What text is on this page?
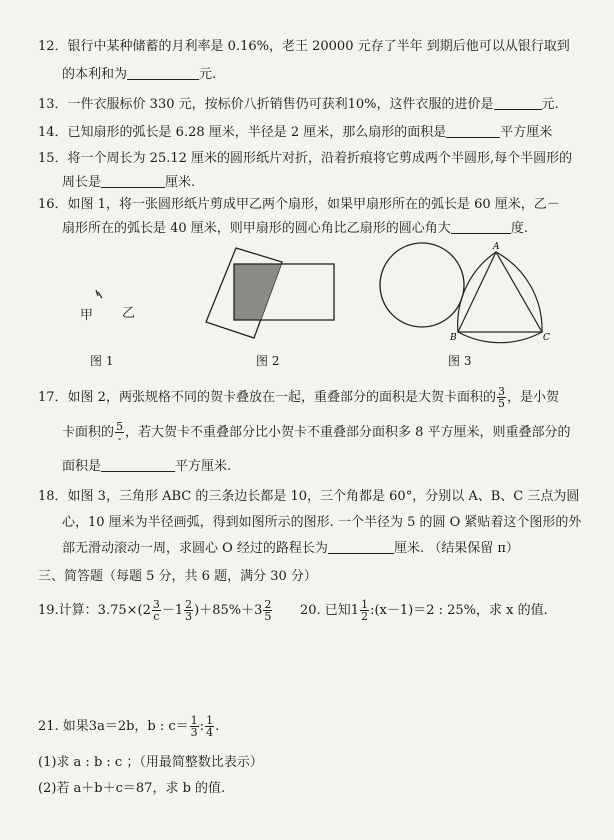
12．银行中某种储蓄的月利率是 0.16%，老王 20000 元存了半年 到期后他可以从银行取到
的本利和为	元.
13．一件衣服标价 330 元，按标价八折销售仍可获利10%，这件衣服的进价是	元.
14．已知扇形的弧长是 6.28 厘米，半径是 2 厘米，那么扇形的面积是	平方厘米
15．将一个周长为 25.12 厘米的圆形纸片对折，沿着折痕将它剪成两个半圆形,每个半圆形的
周长是	厘米.
16．如图 1，将一张圆形纸片剪成甲乙两个扇形，如果甲扇形所在的弧长是 60 厘米，乙－
扇形所在的弧长是 40 厘米，则甲扇形的圆心角比乙扇形的圆心角大	度.
甲 乙
A
B	C
图 1	图 2	图 3
17．如图 2，两张规格不同的贺卡叠放在一起，重叠部分的面积是大贺卡面积的 $\frac{3}{5}$ ，是小贺
卡面积的 $\frac{5}{-}$ ，若大贺卡不重叠部分比小贺卡不重叠部分面积多 8 平方厘米，则重叠部分的
面积是	平方厘米.
18．如图 3，三角形 ABC 的三条边长都是 10，三个角都是 60°，分别以 A、B、C 三点为圆
心，10 厘米为半径画弧，得到如图所示的图形. 一个半径为 5 的圆 O 紧贴着这个图形的外
部无滑动滚动一周，求圆心 O 经过的路程长为	厘米. （结果保留 π）
三、简答题（每题 5 分，共 6 题，满分 30 分）
19.计算：$3.75\times(2 \frac{3}{c} -1 \frac{2}{3} )+85\%+3 \frac{2}{5} 20$. 已知$1 \frac{1}{2}$ :(x－1)＝2 : 25%，求 x 的值.
21. 如果3a＝2b，b : $c= \frac{1}{3}$ : $\frac{1}{4}$ .
(1)求 a : b : c ；（用最简整数比表示）
(2)若 a＋b＋c＝87，求 b 的值.
